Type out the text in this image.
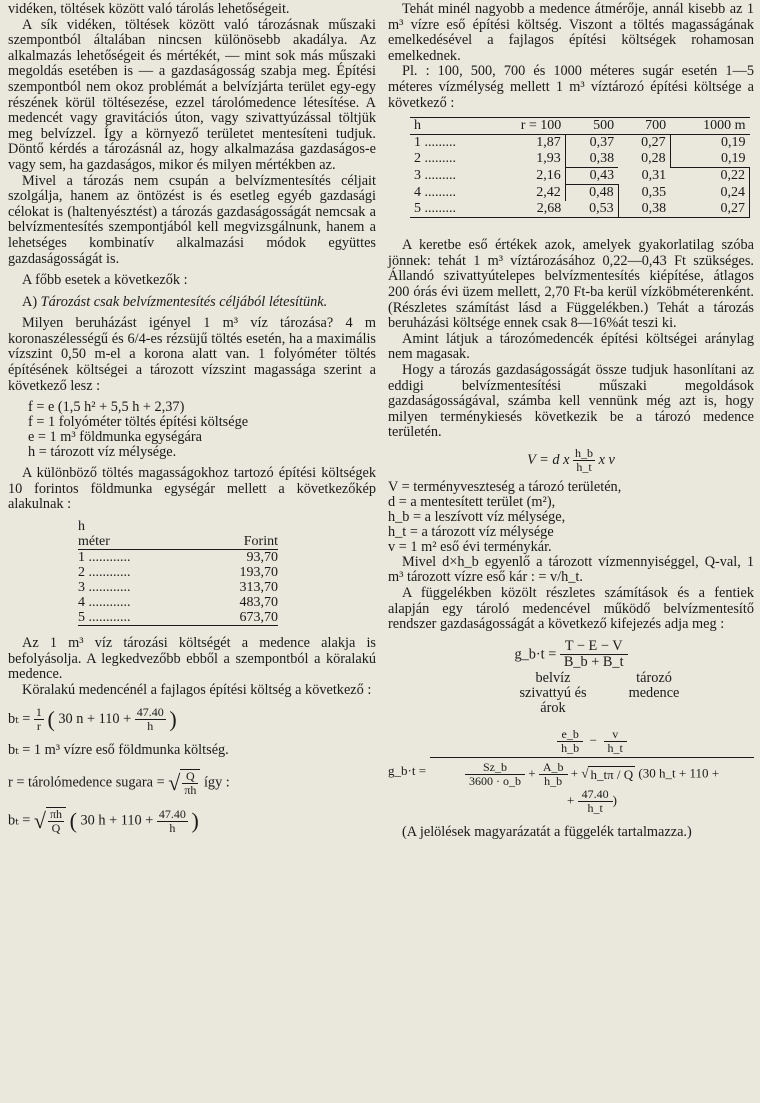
vidéken, töltések között való tárolás lehetőségeit.

A sík vidéken, töltések között való tározásnak műszaki szempontból általában nincsen különösebb akadálya. Az alkalmazás lehetőségeit és mértékét, — mint sok más műszaki megoldás esetében is — a gazdaságosság szabja meg. Építési szempontból nem okoz problémát a belvízjárta terület egy-egy részének körül töltésezése, ezzel tárolómedence létesítése. A medencét vagy gravitációs úton, vagy szivattyúzással töltjük meg belvízzel. Így a környező területet mentesíteni tudjuk. Döntő kérdés a tározásnál az, hogy alkalmazása gazdaságos-e vagy sem, ha gazdaságos, mikor és milyen mértékben az.

Mivel a tározás nem csupán a belvízmentesítés céljait szolgálja, hanem az öntözést is és esetleg egyéb gazdasági célokat is (haltenyésztést) a tározás gazdaságosságát nemcsak a belvízmentesítés szempontjából kell megvizsgálnunk, hanem a lehetséges kombinatív alkalmazási módok együttes gazdaságosságát is.

A főbb esetek a következők :

A) Tározást csak belvízmentesítés céljából létesítünk.

Milyen beruházást igényel 1 m³ víz tározása? 4 m koronaszélességű és 6/4-es rézsüjű töltés esetén, ha a maximális vízszint 0,50 m-el a korona alatt van. 1 folyóméter töltés építésének költségei a tározott vízszint magassága szerint a következő lesz :

f = e (1,5 h² + 5,5 h + 2,37)
f = 1 folyóméter töltés építési költsége
e = 1 m³ földmunka egységára
h = tározott víz mélysége.

A különböző töltés magasságokhoz tartozó építési költségek 10 forintos földmunka egységár mellett a következőkép alakulnak :

h	
méter	Forint
1 ............	93,70
2 ............	193,70
3 ............	313,70
4 ............	483,70
5 ............	673,70

Az 1 m³ víz tározási költségét a medence alakja is befolyásolja. A legkedvezőbb ebből a szempontból a köralakú medence.

Köralakú medencénél a fajlagos építési költség a következő :

$b_t = \frac{1}{r}$ ( 30 $n + 110 + \frac{47.40}{h}$ )
bₜ = 1 m³ vízre eső földmunka költség.
r = tárolómedence sugara = √ $\frac{Q}{\pi h}$ így :
bₜ = √ $\frac{\pi h}{Q}$ ( 30 $h + 110 + \frac{47.40}{h}$ )

Tehát minél nagyobb a medence átmérője, annál kisebb az 1 m³ vízre eső építési költség. Viszont a töltés magasságának emelkedésével a fajlagos építési költségek rohamosan emelkednek.

Pl. : 100, 500, 700 és 1000 méteres sugár esetén 1—5 méteres vízmélység mellett 1 m³ víztározó építési költsége a következő :

h	r = 100	500	700	1000 m
1 .........	1,87	0,37	0,27	0,19
2 .........	1,93	0,38	0,28	0,19
3 .........	2,16	0,43	0,31	0,22
4 .........	2,42	0,48	0,35	0,24
5 .........	2,68	0,53	0,38	0,27

A keretbe eső értékek azok, amelyek gyakorlatilag szóba jönnek: tehát 1 m³ víztározásához 0,22—0,43 Ft szükséges. Állandó szivattyútelepes belvízmentesítés kiépítése, átlagos 200 órás évi üzem mellett, 2,70 Ft-ba kerül vízköbméterenként. (Részletes számítást lásd a Függelékben.) Tehát a tározás beruházási költsége ennek csak 8—16%át teszi ki.

Amint látjuk a tározómedencék építési költségei aránylag nem magasak.

Hogy a tározás gazdaságosságát össze tudjuk hasonlítani az eddigi belvízmentesítési műszaki megoldások gazdaságosságával, számba kell vennünk még azt is, hogy milyen terménykiesés következik be a tározó medence területén.

V = d x $\frac{h\_b}{h\_t}$ x v
V = terményveszteség a tározó területén,
d = a mentesített terület (m²),
h_b = a leszívott víz mélysége,
h_t = a tározott víz mélysége
v = 1 m² eső évi terménykár.

Mivel d×h_b egyenlő a tározott vízmennyiséggel, Q-val, 1 m³ tározott vízre eső kár : = v/h_t.

A függelékben közölt részletes számítások és a fentiek alapján egy tároló medencével működő belvízmentesítő rendszer gazdaságosságát a következő kifejezés adja meg :

g_b·t = $\frac{T - E - V}{B\_b + B\_t}$
belvíz szivattyú és árok
tározó medence
g_b·t =
$\frac{e\_b}{h\_b} - \frac{v}{h\_t}$
$\frac{Sz\_b}{3600 \cdot o\_b} + \frac{A\_b}{h\_b}$ + √ h_tπ / Q (30 h_t + 110 +
+ $\frac{47.40}{h\_t}$ )

(A jelölések magyarázatát a függelék tartalmazza.)
